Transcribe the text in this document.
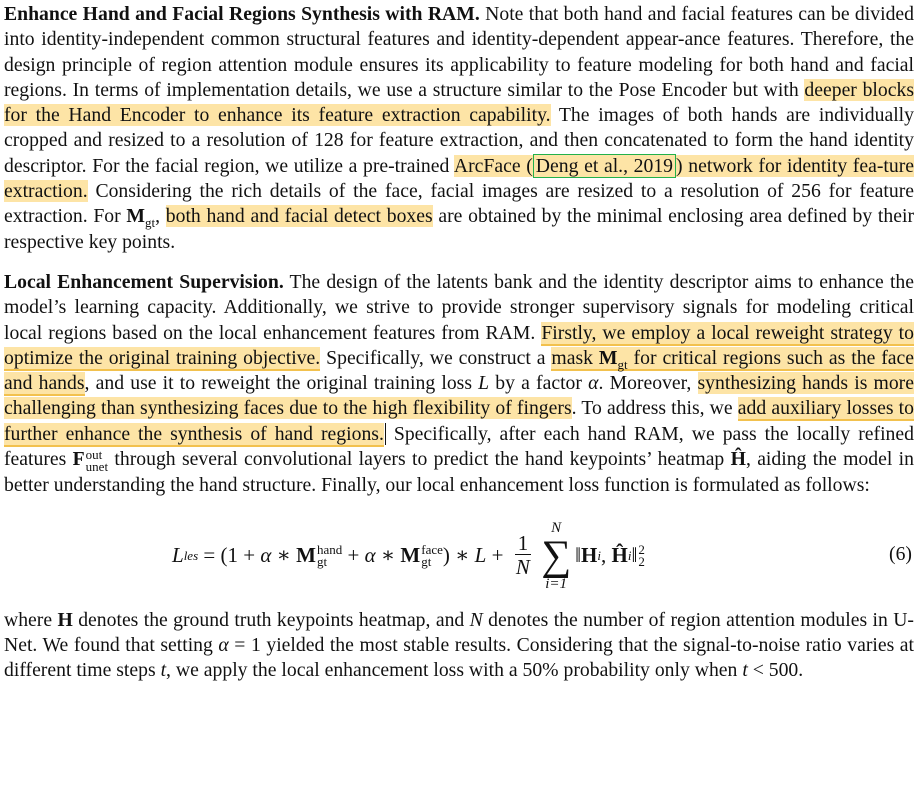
Enhance Hand and Facial Regions Synthesis with RAM. Note that both hand and facial features can be divided into identity-independent common structural features and identity-dependent appear-ance features. Therefore, the design principle of region attention module ensures its applicability to feature modeling for both hand and facial regions. In terms of implementation details, we use a structure similar to the Pose Encoder but with deeper blocks for the Hand Encoder to enhance its feature extraction capability. The images of both hands are individually cropped and resized to a resolution of 128 for feature extraction, and then concatenated to form the hand identity descriptor. For the facial region, we utilize a pre-trained ArcFace ( Deng et al., 2019 ) network for identity fea-ture extraction. Considering the rich details of the face, facial images are resized to a resolution of 256 for feature extraction. For $M_{gt}$, both hand and facial detect boxes are obtained by the minimal enclosing area defined by their respective key points.

Local Enhancement Supervision. The design of the latents bank and the identity descriptor aims to enhance the model’s learning capacity. Additionally, we strive to provide stronger supervisory signals for modeling critical local regions based on the local enhancement features from RAM. Firstly, we employ a local reweight strategy to optimize the original training objective. Specifically, we construct a mask $M_{gt}$ for critical regions such as the face and hands, and use it to reweight the original training loss L by a factor α. Moreover, synthesizing hands is more challenging than synthesizing faces due to the high flexibility of fingers. To address this, we add auxiliary losses to further enhance the synthesis of hand regions. Specifically, after each hand RAM, we pass the locally refined features F out
unet through several convolutional layers to predict the hand keypoints’ heatmap Ĥ, aiding the model in better understanding the hand structure. Finally, our local enhancement loss function is formulated as follows:

L les = (1 + α ∗ M hand
gt + α ∗ M face
gt ) ∗ $L + \frac{1}{N}$
N
∑
i=1
‖ H i , Ĥ i ‖ 2
2	(6)

where H denotes the ground truth keypoints heatmap, and N denotes the number of region attention modules in U-Net. We found that setting α = 1 yielded the most stable results. Considering that the signal-to-noise ratio varies at different time steps t, we apply the local enhancement loss with a 50% probability only when t < 500.
